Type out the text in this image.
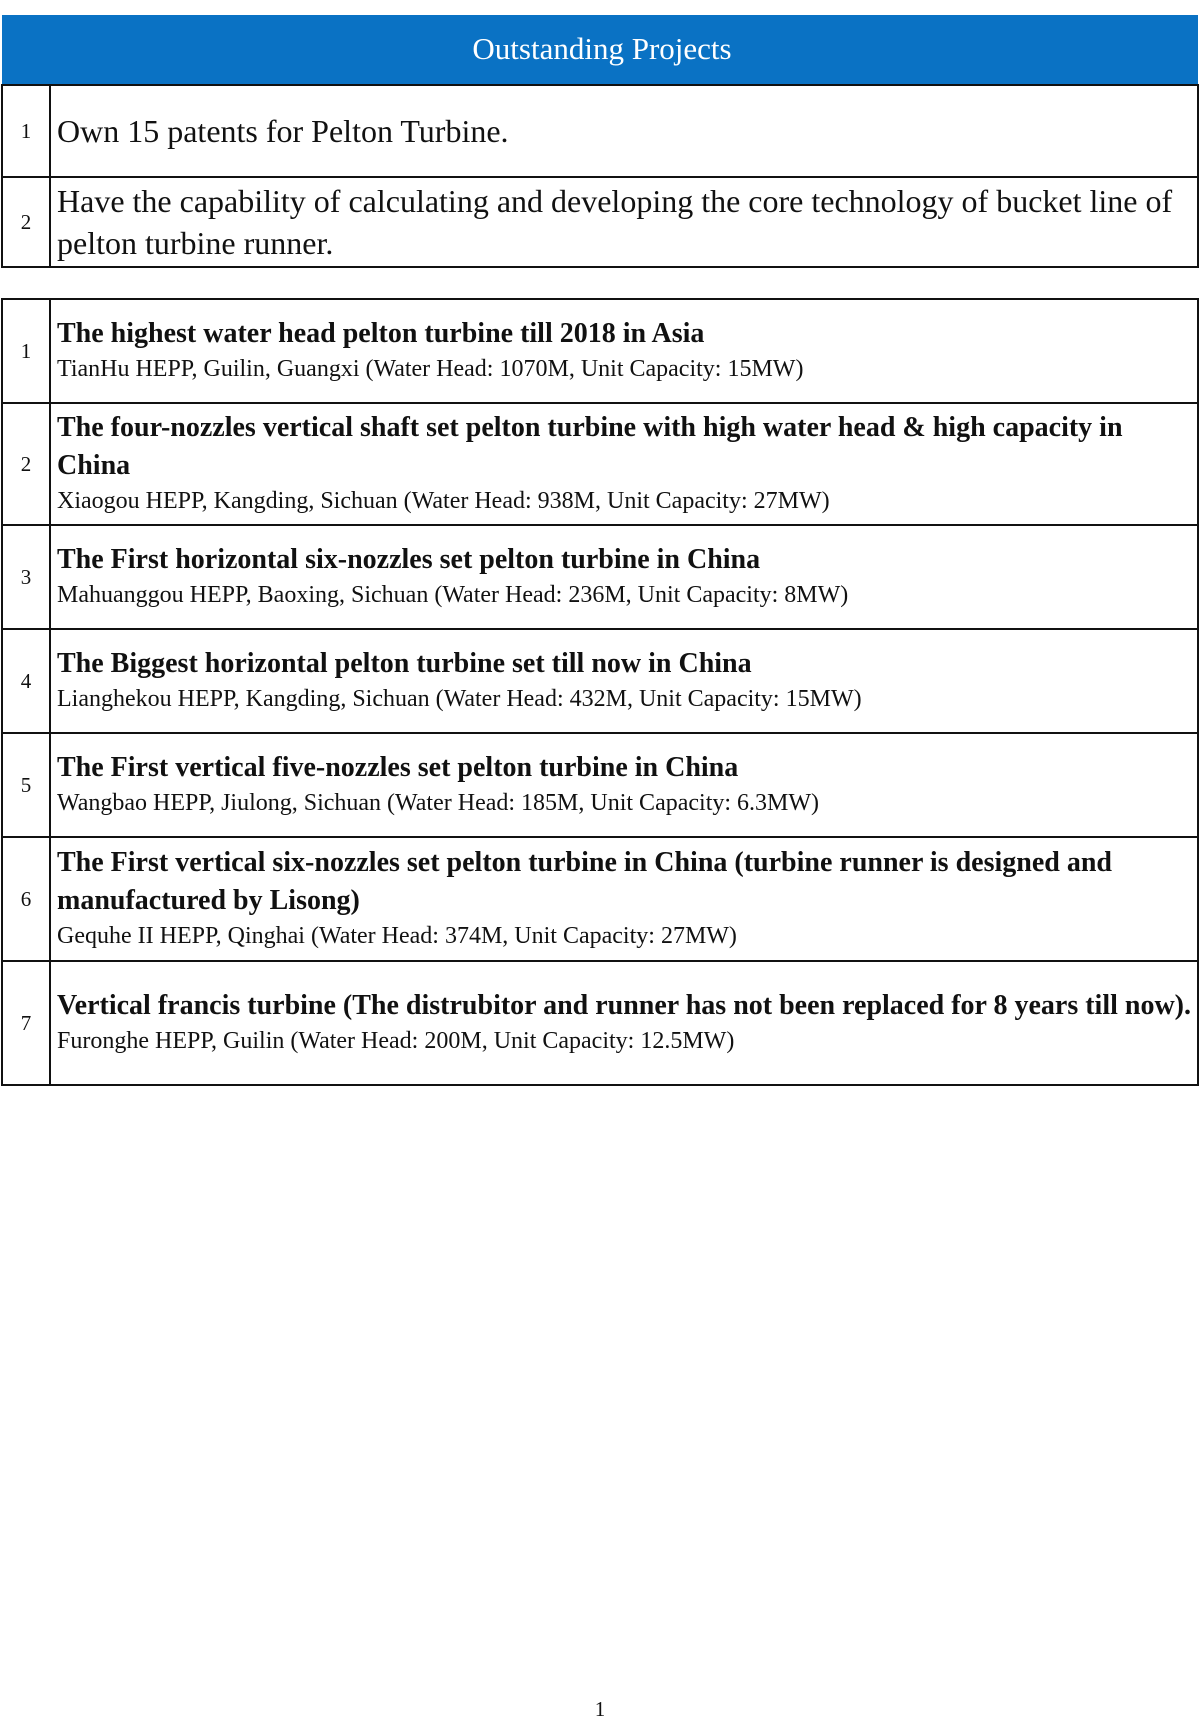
Outstanding Projects
1	Own 15 patents for Pelton Turbine.
2	Have the capability of calculating and developing the core technology of bucket line of pelton turbine runner.
1	The highest water head pelton turbine till 2018 in Asia
TianHu HEPP, Guilin, Guangxi (Water Head: 1070M, Unit Capacity: 15MW)

2	The four-nozzles vertical shaft set pelton turbine with high water head & high capacity in China
Xiaogou HEPP, Kangding, Sichuan (Water Head: 938M, Unit Capacity: 27MW)

3	The First horizontal six-nozzles set pelton turbine in China
Mahuanggou HEPP, Baoxing, Sichuan (Water Head: 236M, Unit Capacity: 8MW)

4	The Biggest horizontal pelton turbine set till now in China
Lianghekou HEPP, Kangding, Sichuan (Water Head: 432M, Unit Capacity: 15MW)

5	The First vertical five-nozzles set pelton turbine in China
Wangbao HEPP, Jiulong, Sichuan (Water Head: 185M, Unit Capacity: 6.3MW)

6	The First vertical six-nozzles set pelton turbine in China (turbine runner is designed and manufactured by Lisong)
Gequhe II HEPP, Qinghai (Water Head: 374M, Unit Capacity: 27MW)

7	Vertical francis turbine (The distrubitor and runner has not been replaced for 8 years till now).
Furonghe HEPP, Guilin (Water Head: 200M, Unit Capacity: 12.5MW)
1
